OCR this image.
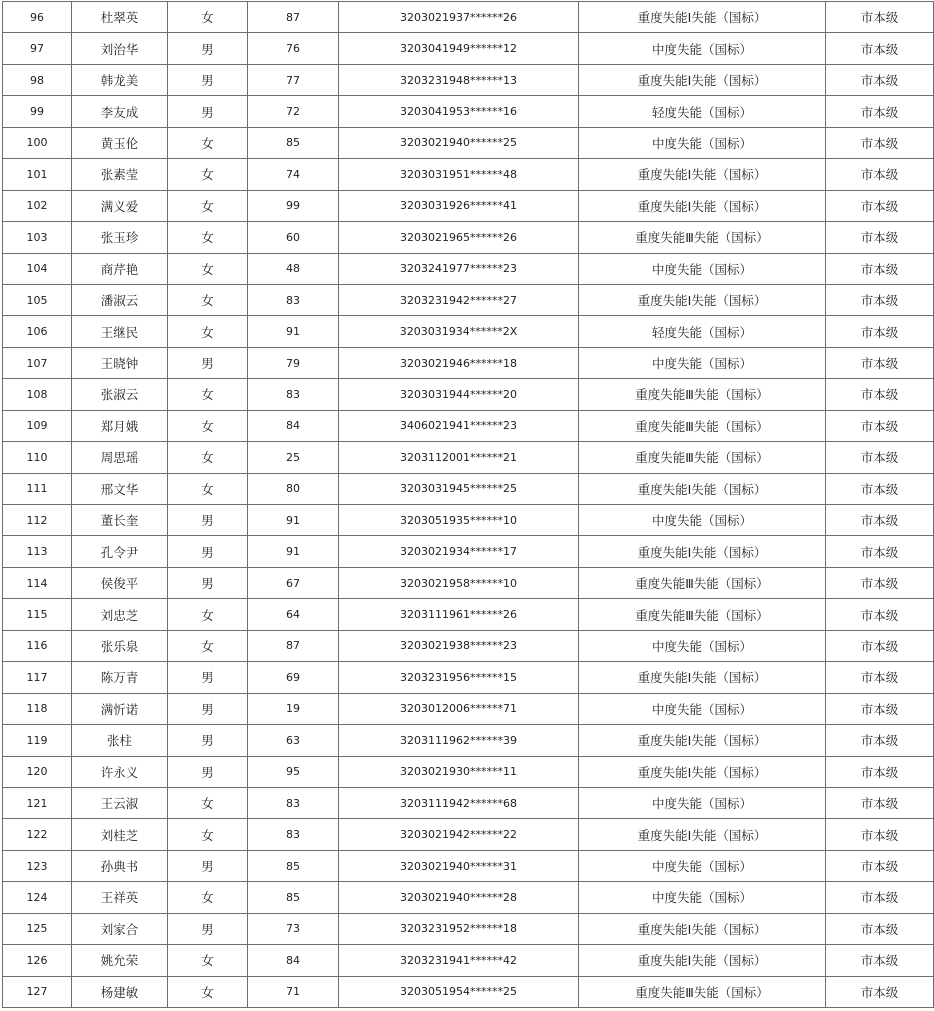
96	杜翠英	女	87	3203021937******26	重度失能Ⅰ失能（国标）	市本级
97	刘治华	男	76	3203041949******12	中度失能（国标）	市本级
98	韩龙美	男	77	3203231948******13	重度失能Ⅰ失能（国标）	市本级
99	李友成	男	72	3203041953******16	轻度失能（国标）	市本级
100	黄玉伦	女	85	3203021940******25	中度失能（国标）	市本级
101	张素莹	女	74	3203031951******48	重度失能Ⅰ失能（国标）	市本级
102	满义爱	女	99	3203031926******41	重度失能Ⅰ失能（国标）	市本级
103	张玉珍	女	60	3203021965******26	重度失能Ⅲ失能（国标）	市本级
104	商芹艳	女	48	3203241977******23	中度失能（国标）	市本级
105	潘淑云	女	83	3203231942******27	重度失能Ⅰ失能（国标）	市本级
106	王继民	女	91	3203031934******2X	轻度失能（国标）	市本级
107	王晓钟	男	79	3203021946******18	中度失能（国标）	市本级
108	张淑云	女	83	3203031944******20	重度失能Ⅲ失能（国标）	市本级
109	郑月娥	女	84	3406021941******23	重度失能Ⅲ失能（国标）	市本级
110	周思瑶	女	25	3203112001******21	重度失能Ⅲ失能（国标）	市本级
111	邢文华	女	80	3203031945******25	重度失能Ⅰ失能（国标）	市本级
112	董长奎	男	91	3203051935******10	中度失能（国标）	市本级
113	孔令尹	男	91	3203021934******17	重度失能Ⅰ失能（国标）	市本级
114	侯俊平	男	67	3203021958******10	重度失能Ⅲ失能（国标）	市本级
115	刘忠芝	女	64	3203111961******26	重度失能Ⅲ失能（国标）	市本级
116	张乐泉	女	87	3203021938******23	中度失能（国标）	市本级
117	陈万青	男	69	3203231956******15	重度失能Ⅰ失能（国标）	市本级
118	满忻诺	男	19	3203012006******71	中度失能（国标）	市本级
119	张柱	男	63	3203111962******39	重度失能Ⅰ失能（国标）	市本级
120	许永义	男	95	3203021930******11	重度失能Ⅰ失能（国标）	市本级
121	王云淑	女	83	3203111942******68	中度失能（国标）	市本级
122	刘桂芝	女	83	3203021942******22	重度失能Ⅰ失能（国标）	市本级
123	孙典书	男	85	3203021940******31	中度失能（国标）	市本级
124	王祥英	女	85	3203021940******28	中度失能（国标）	市本级
125	刘家合	男	73	3203231952******18	重度失能Ⅰ失能（国标）	市本级
126	姚允荣	女	84	3203231941******42	重度失能Ⅰ失能（国标）	市本级
127	杨建敏	女	71	3203051954******25	重度失能Ⅲ失能（国标）	市本级
